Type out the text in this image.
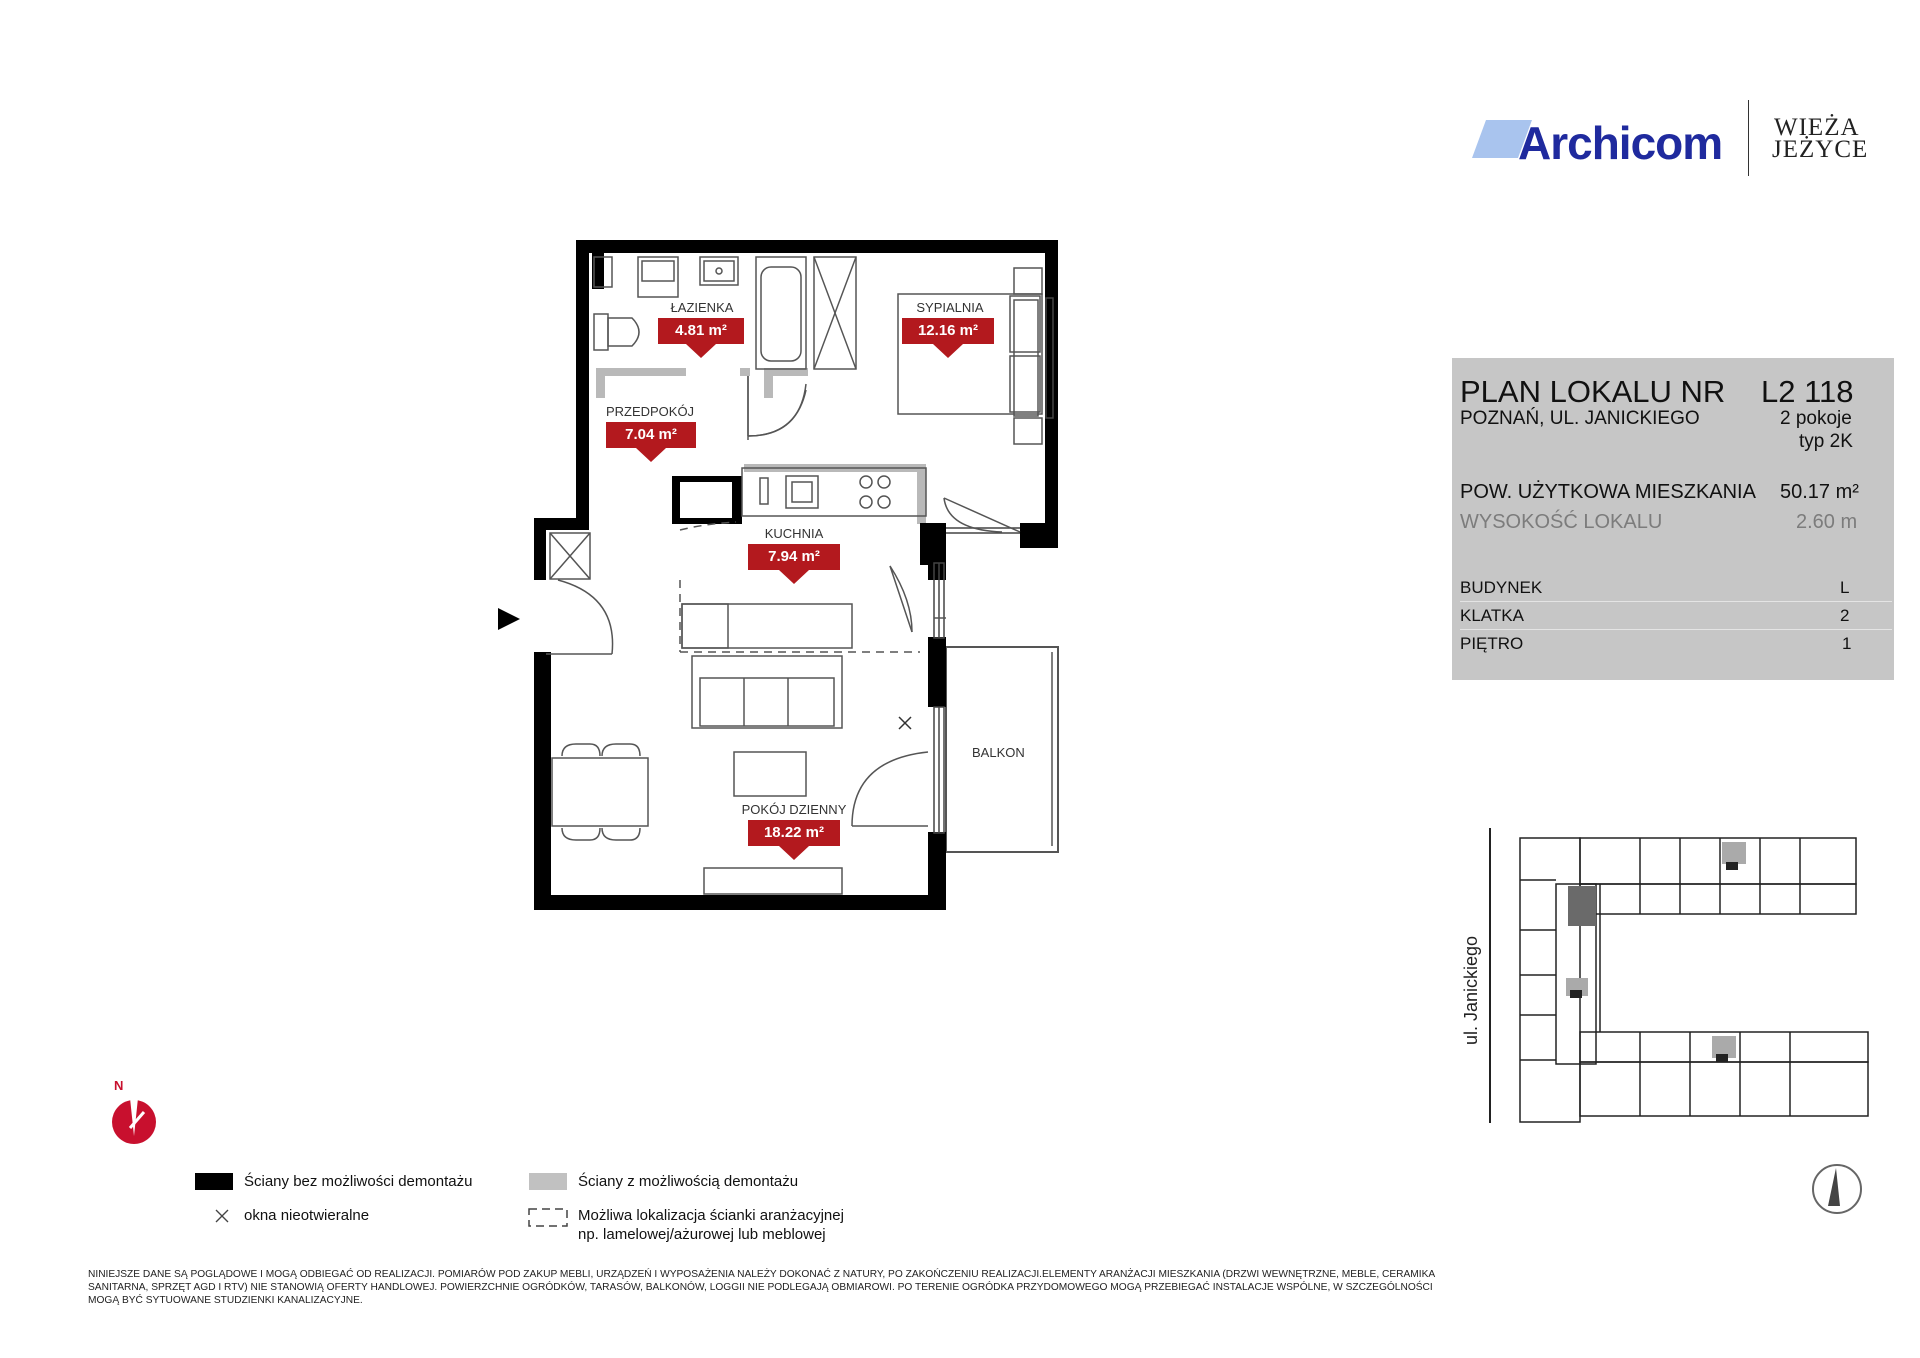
Archicom WIEŻA
JEŻYCE
PLAN LOKALU NR L2 118
POZNAŃ, UL. JANICKIEGO	2 pokoje
typ 2K
POW. UŻYTKOWA MIESZKANIA 50.17 m²
WYSOKOŚĆ LOKALU	2.60 m
BUDYNEK	L
KLATKA	2
PIĘTRO	1
ŁAZIENKA
4.81 m²
SYPIALNIA
12.16 m²
PRZEDPOKÓJ
7.04 m²
KUCHNIA
7.94 m²
POKÓJ DZIENNY
18.22 m²
BALKON
N
ul. Janickiego
Ściany bez możliwości demontażu	Ściany z możliwością demontażu
okna nieotwieralne	Możliwa lokalizacja ścianki aranżacyjnej
np. lamelowej/ażurowej lub meblowej
NINIEJSZE DANE SĄ POGLĄDOWE I MOGĄ ODBIEGAĆ OD REALIZACJI. POMIARÓW POD ZAKUP MEBLI, URZĄDZEŃ I WYPOSAŻENIA NALEŻY DOKONAĆ Z NATURY, PO ZAKOŃCZENIU REALIZACJI.ELEMENTY ARANŻACJI MIESZKANIA (DRZWI WEWNĘTRZNE, MEBLE, CERAMIKA SANITARNA, SPRZĘT AGD I RTV) NIE STANOWIĄ OFERTY HANDLOWEJ. POWIERZCHNIE OGRÓDKÓW, TARASÓW, BALKONÓW, LOGGII NIE PODLEGAJĄ OBMIAROWI. PO TERENIE OGRÓDKA PRZYDOMOWEGO MOGĄ PRZEBIEGAĆ INSTALACJE WSPÓLNE, W SZCZEGÓLNOŚCI MOGĄ BYĆ SYTUOWANE STUDZIENKI KANALIZACYJNE.
